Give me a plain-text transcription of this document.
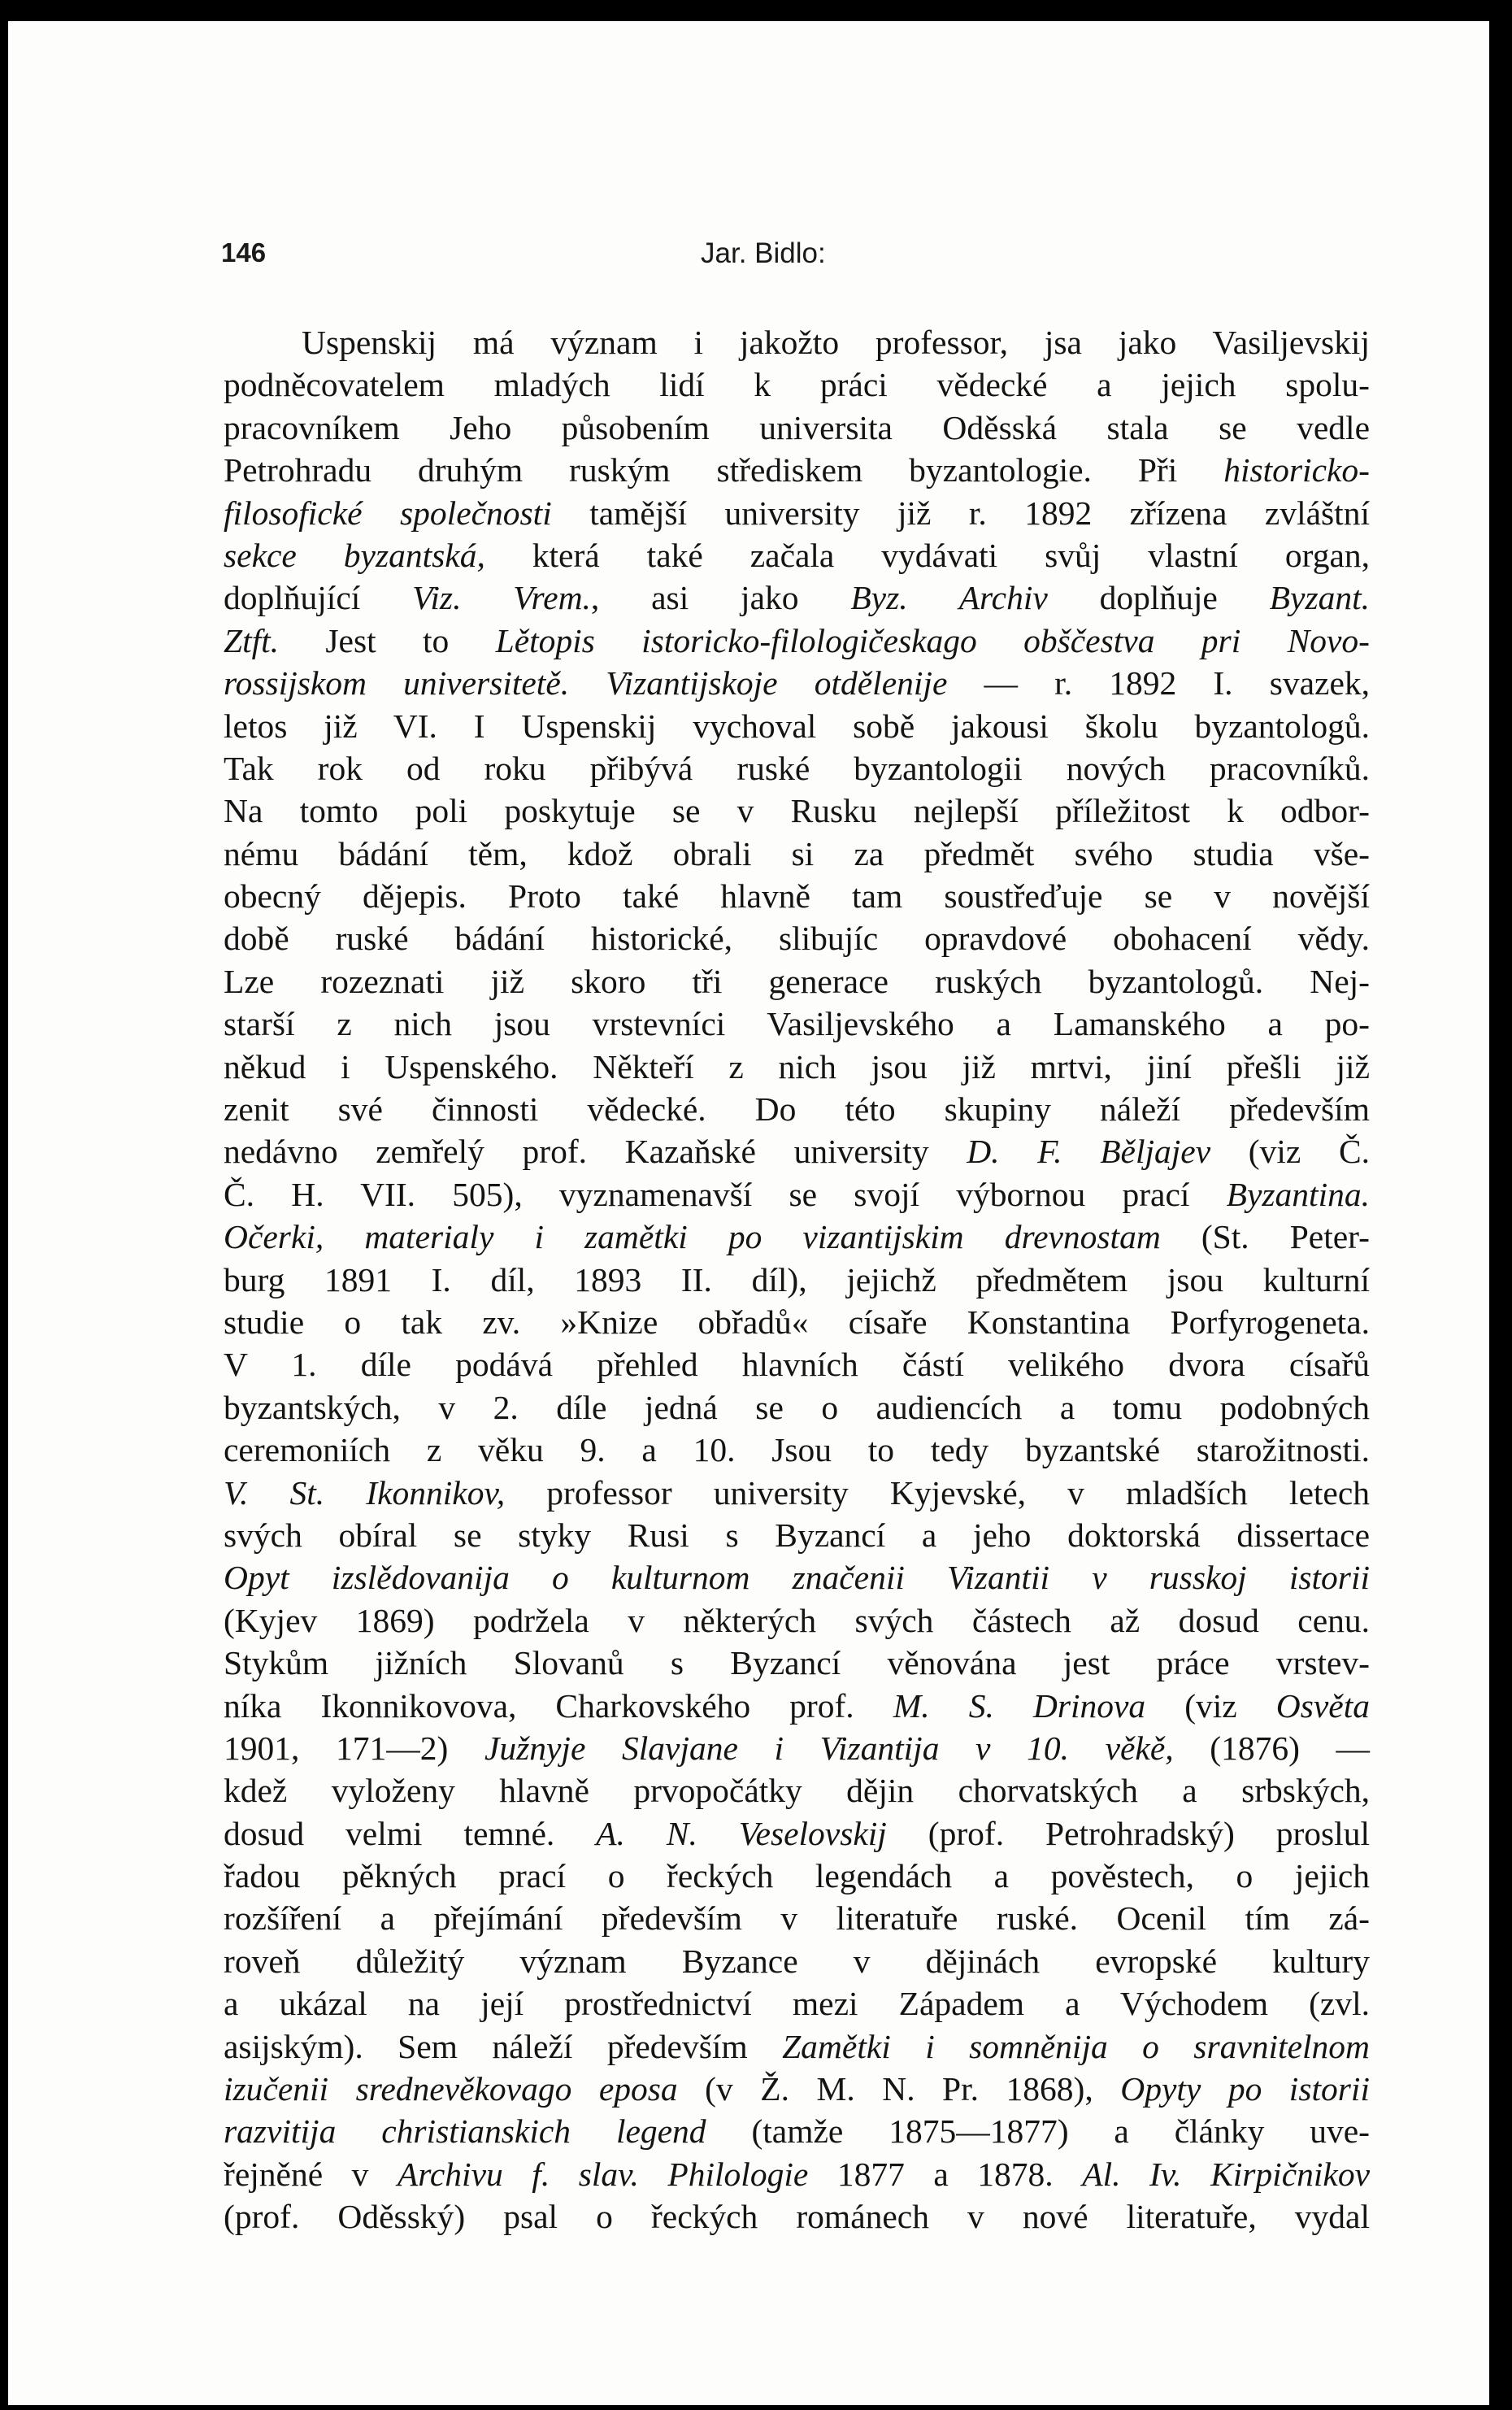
146	Jar. Bidlo:
Uspenskij má význam i jakožto professor, jsa jako Vasiljevskij
podněcovatelem mladých lidí k práci vědecké a jejich spolu-
pracovníkem Jeho působením universita Oděsská stala se vedle
Petrohradu druhým ruským střediskem byzantologie. Při historicko-
filosofické společnosti tamější university již r. 1892 zřízena zvláštní
sekce byzantská, která také začala vydávati svůj vlastní organ,
doplňující Viz. Vrem., asi jako Byz. Archiv doplňuje Byzant.
Ztft. Jest to Lětopis istoricko-filologičeskago obščestva pri Novo-
rossijskom universitetě. Vizantijskoje otdělenije — r. 1892 I. svazek,
letos již VI. I Uspenskij vychoval sobě jakousi školu byzantologů.
Tak rok od roku přibývá ruské byzantologii nových pracovníků.
Na tomto poli poskytuje se v Rusku nejlepší příležitost k odbor-
nému bádání těm, kdož obrali si za předmět svého studia vše-
obecný dějepis. Proto také hlavně tam soustřeďuje se v novější
době ruské bádání historické, slibujíc opravdové obohacení vědy.
Lze rozeznati již skoro tři generace ruských byzantologů. Nej-
starší z nich jsou vrstevníci Vasiljevského a Lamanského a po-
někud i Uspenského. Někteří z nich jsou již mrtvi, jiní přešli již
zenit své činnosti vědecké. Do této skupiny náleží především
nedávno zemřelý prof. Kazaňské university D. F. Běljajev (viz Č.
Č. H. VII. 505), vyznamenavší se svojí výbornou prací Byzantina.
Očerki, materialy i zamětki po vizantijskim drevnostam (St. Peter-
burg 1891 I. díl, 1893 II. díl), jejichž předmětem jsou kulturní
studie o tak zv. »Knize obřadů« císaře Konstantina Porfyrogeneta.
V 1. díle podává přehled hlavních částí velikého dvora císařů
byzantských, v 2. díle jedná se o audiencích a tomu podobných
ceremoniích z věku 9. a 10. Jsou to tedy byzantské starožitnosti.
V. St. Ikonnikov, professor university Kyjevské, v mladších letech
svých obíral se styky Rusi s Byzancí a jeho doktorská dissertace
Opyt izslědovanija o kulturnom značenii Vizantii v russkoj istorii
(Kyjev 1869) podržela v některých svých částech až dosud cenu.
Stykům jižních Slovanů s Byzancí věnována jest práce vrstev-
níka Ikonnikovova, Charkovského prof. M. S. Drinova (viz Osvěta
1901, 171—2) Južnyje Slavjane i Vizantija v 10. věkě, (1876) —
kdež vyloženy hlavně prvopočátky dějin chorvatských a srbských,
dosud velmi temné. A. N. Veselovskij (prof. Petrohradský) proslul
řadou pěkných prací o řeckých legendách a pověstech, o jejich
rozšíření a přejímání především v literatuře ruské. Ocenil tím zá-
roveň důležitý význam Byzance v dějinách evropské kultury
a ukázal na její prostřednictví mezi Západem a Východem (zvl.
asijským). Sem náleží především Zamětki i somněnija o sravnitelnom
izučenii srednevěkovago eposa (v Ž. M. N. Pr. 1868), Opyty po istorii
razvitija christianskich legend (tamže 1875—1877) a články uve-
řejněné v Archivu f. slav. Philologie 1877 a 1878. Al. Iv. Kirpičnikov
(prof. Oděsský) psal o řeckých románech v nové literatuře, vydal
